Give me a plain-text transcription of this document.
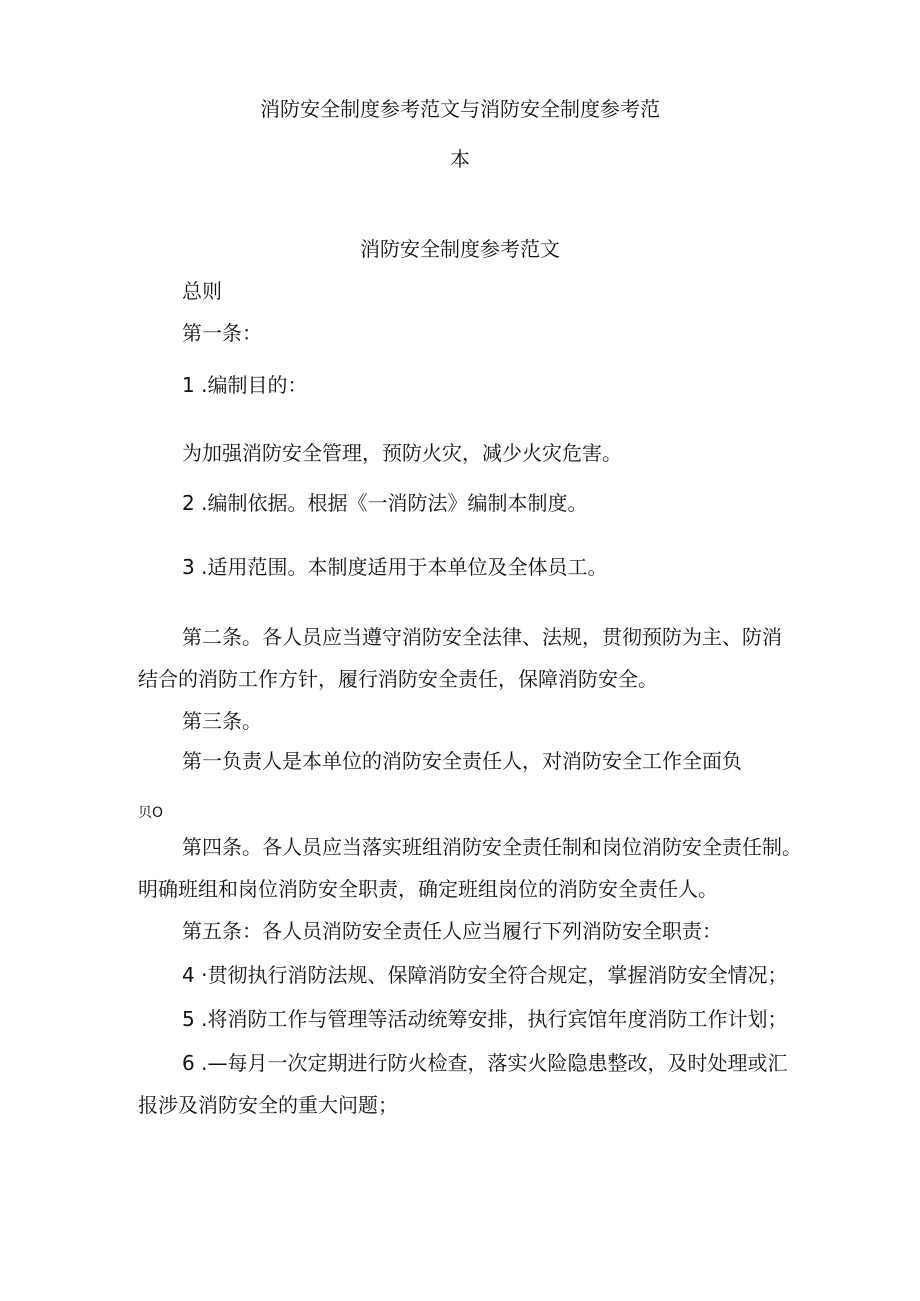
消防安全制度参考范文与消防安全制度参考范
本
消防安全制度参考范文
总则
第一条：
1 .编制目的：
为加强消防安全管理，预防火灾，减少火灾危害。
2 .编制依据。根据《一消防法》编制本制度。
3 .适用范围。本制度适用于本单位及全体员工。
第二条。各人员应当遵守消防安全法律、法规，贯彻预防为主、防消
结合的消防工作方针，履行消防安全责任，保障消防安全。
第三条。
第一负责人是本单位的消防安全责任人，对消防安全工作全面负
贝O
第四条。各人员应当落实班组消防安全责任制和岗位消防安全责任制。
明确班组和岗位消防安全职责，确定班组岗位的消防安全责任人。
第五条：各人员消防安全责任人应当履行下列消防安全职责：
4 ·贯彻执行消防法规、保障消防安全符合规定，掌握消防安全情况；
5 .将消防工作与管理等活动统筹安排，执行宾馆年度消防工作计划；
6 .—每月一次定期进行防火检查，落实火险隐患整改，及时处理或汇
报涉及消防安全的重大问题；
